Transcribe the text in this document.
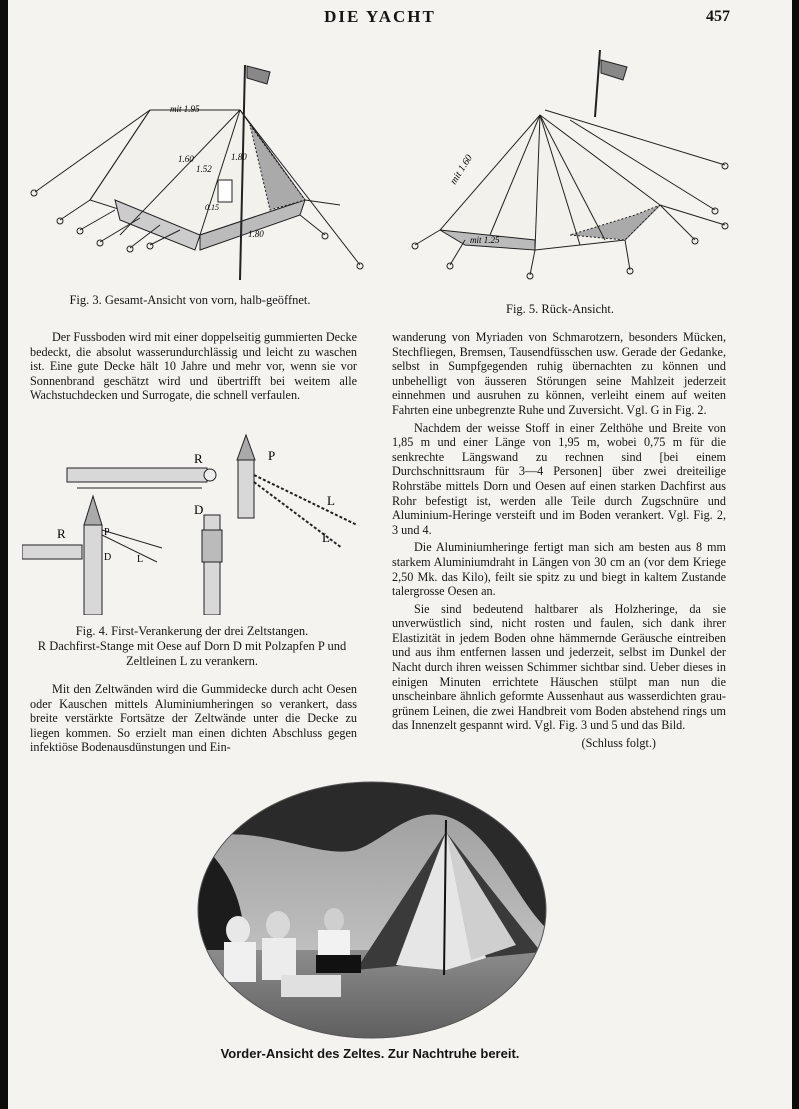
DIE YACHT	457
mit 1.95
1.60
1.52
1.80
0.15
1.80
Fig. 3. Gesamt-Ansicht von vorn, halb-geöffnet.
mit 1.60
mit 1.25
Fig. 5. Rück-Ansicht.

Der Fussboden wird mit einer doppelseitig gummierten Decke bedeckt, die absolut wasserundurchlässig und leicht zu waschen ist. Eine gute Decke hält 10 Jahre und mehr vor, wenn sie vor Sonnenbrand geschätzt wird und übertrifft bei weitem alle Wachstuchdecken und Surrogate, die schnell verfaulen.

R	P
R	P
D	L
D
L
L
Fig. 4. First-Verankerung der drei Zeltstangen.
R Dachfirst-Stange mit Oese auf Dorn D mit Polzapfen P und Zeltleinen L zu verankern.

Mit den Zeltwänden wird die Gummidecke durch acht Oesen oder Kauschen mittels Aluminiumheringen so verankert, dass breite verstärkte Fortsätze der Zeltwände unter die Decke zu liegen kommen. So erzielt man einen dichten Abschluss gegen infektiöse Bodenausdünstungen und Ein-

wanderung von Myriaden von Schmarotzern, besonders Mücken, Stechfliegen, Bremsen, Tausendfüsschen usw. Gerade der Gedanke, selbst in Sumpfgegenden ruhig übernachten zu können und unbehelligt von äusseren Störungen seine Mahlzeit jederzeit einnehmen und ausruhen zu können, verleiht einem auf weiten Fahrten eine unbegrenzte Ruhe und Zuversicht. Vgl. G in Fig. 2.

Nachdem der weisse Stoff in einer Zelthöhe und Breite von 1,85 m und einer Länge von 1,95 m, wobei 0,75 m für die senkrechte Längswand zu rechnen sind [bei einem Durchschnittsraum für 3—4 Personen] über zwei dreiteilige Rohrstäbe mittels Dorn und Oesen auf einen starken Dachfirst aus Rohr befestigt ist, werden alle Teile durch Zugschnüre und Aluminium-Heringe versteift und im Boden verankert. Vgl. Fig. 2, 3 und 4.

Die Aluminiumheringe fertigt man sich am besten aus 8 mm starkem Aluminiumdraht in Längen von 30 cm an (vor dem Kriege 2,50 Mk. das Kilo), feilt sie spitz zu und biegt in kaltem Zustande talergrosse Oesen an.

Sie sind bedeutend haltbarer als Holzheringe, da sie unverwüstlich sind, nicht rosten und faulen, sich dank ihrer Elastizität in jedem Boden ohne hämmernde Geräusche eintreiben und aus ihm entfernen lassen und jederzeit, selbst im Dunkel der Nacht durch ihren weissen Schimmer sichtbar sind. Ueber dieses in einigen Minuten errichtete Häuschen stülpt man nun die unscheinbare ähnlich geformte Aussenhaut aus wasserdichten grau-grünem Leinen, die zwei Handbreit vom Boden abstehend rings um das Innenzelt gespannt wird. Vgl. Fig. 3 und 5 und das Bild.

(Schluss folgt.)
Vorder-Ansicht des Zeltes. Zur Nachtruhe bereit.
